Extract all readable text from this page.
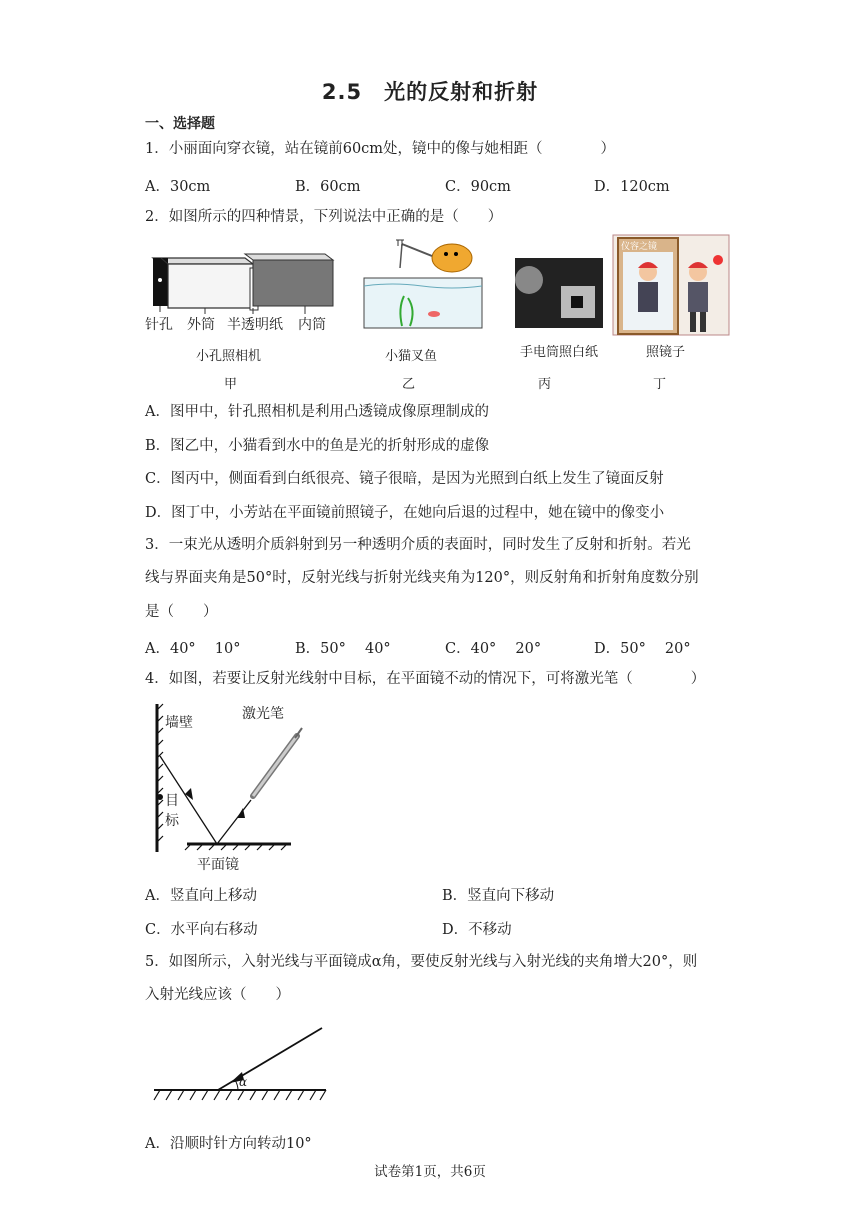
2.5　光的反射和折射
一、选择题
1．小丽面向穿衣镜，站在镜前60cm处，镜中的像与她相距（　　　　）
A．30cm	B．60cm	C．90cm	D．120cm
2．如图所示的四种情景，下列说法中正确的是（　　）
针孔 外筒 半透明纸 内筒
小孔照相机
甲
小猫叉鱼
乙
手电筒照白纸
丙
仪容之镜
照镜子
丁
A．图甲中，针孔照相机是利用凸透镜成像原理制成的
B．图乙中，小猫看到水中的鱼是光的折射形成的虚像
C．图丙中，侧面看到白纸很亮、镜子很暗，是因为光照到白纸上发生了镜面反射
D．图丁中，小芳站在平面镜前照镜子，在她向后退的过程中，她在镜中的像变小
3．一束光从透明介质斜射到另一种透明介质的表面时，同时发生了反射和折射。若光
线与界面夹角是50°时，反射光线与折射光线夹角为120°，则反射角和折射角度数分别
是（　　）
A．40°　 10°	B．50°　 40°	C．40°　 20°	D．50°　 20°
4．如图，若要让反射光线射中目标，在平面镜不动的情况下，可将激光笔（　　　　）
墙壁
激光笔
目
标
平面镜
A．竖直向上移动	B．竖直向下移动
C．水平向右移动	D．不移动
5．如图所示，入射光线与平面镜成α角，要使反射光线与入射光线的夹角增大20°，则
入射光线应该（　　）
α
A．沿顺时针方向转动10°
试卷第1页，共6页
